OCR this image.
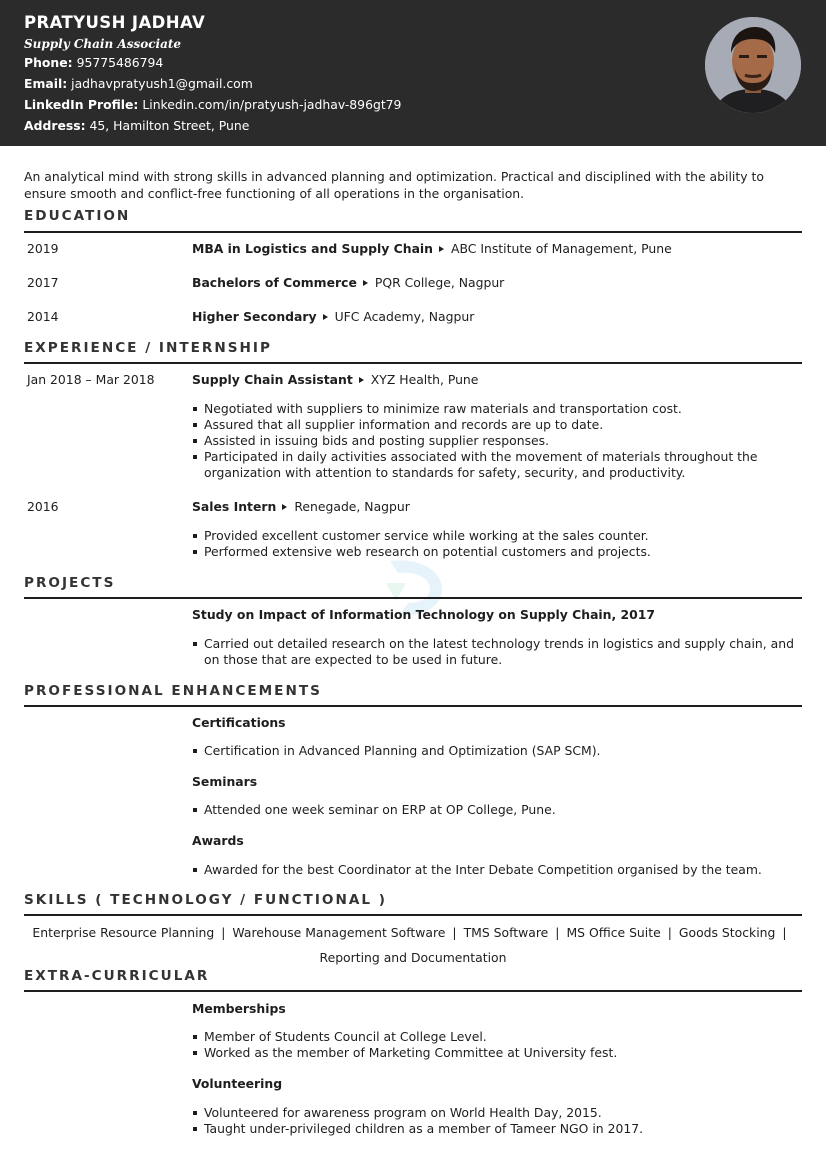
PRATYUSH JADHAV
Supply Chain Associate
Phone: 95775486794
Email: jadhavpratyush1@gmail.com
LinkedIn Profile: Linkedin.com/in/pratyush-jadhav-896gt79
Address: 45, Hamilton Street, Pune
An analytical mind with strong skills in advanced planning and optimization. Practical and disciplined with the ability to ensure smooth and conflict-free functioning of all operations in the organisation.
EDUCATION
2019	MBA in Logistics and Supply Chain ABC Institute of Management, Pune
2017	Bachelors of Commerce PQR College, Nagpur
2014	Higher Secondary UFC Academy, Nagpur
EXPERIENCE / INTERNSHIP
Jan 2018 – Mar 2018	Supply Chain Assistant XYZ Health, Pune
Negotiated with suppliers to minimize raw materials and transportation cost.
Assured that all supplier information and records are up to date.
Assisted in issuing bids and posting supplier responses.
Participated in daily activities associated with the movement of materials throughout the organization with attention to standards for safety, security, and productivity.
2016	Sales Intern Renegade, Nagpur
Provided excellent customer service while working at the sales counter.
Performed extensive web research on potential customers and projects.
PROJECTS
Study on Impact of Information Technology on Supply Chain, 2017
Carried out detailed research on the latest technology trends in logistics and supply chain, and on those that are expected to be used in future.
PROFESSIONAL ENHANCEMENTS
Certifications
Certification in Advanced Planning and Optimization (SAP SCM).
Seminars
Attended one week seminar on ERP at OP College, Pune.
Awards
Awarded for the best Coordinator at the Inter Debate Competition organised by the team.
SKILLS ( TECHNOLOGY / FUNCTIONAL )
Enterprise Resource Planning | Warehouse Management Software | TMS Software | MS Office Suite | Goods Stocking |
Reporting and Documentation
EXTRA-CURRICULAR
Memberships
Member of Students Council at College Level.
Worked as the member of Marketing Committee at University fest.
Volunteering
Volunteered for awareness program on World Health Day, 2015.
Taught under-privileged children as a member of Tameer NGO in 2017.
